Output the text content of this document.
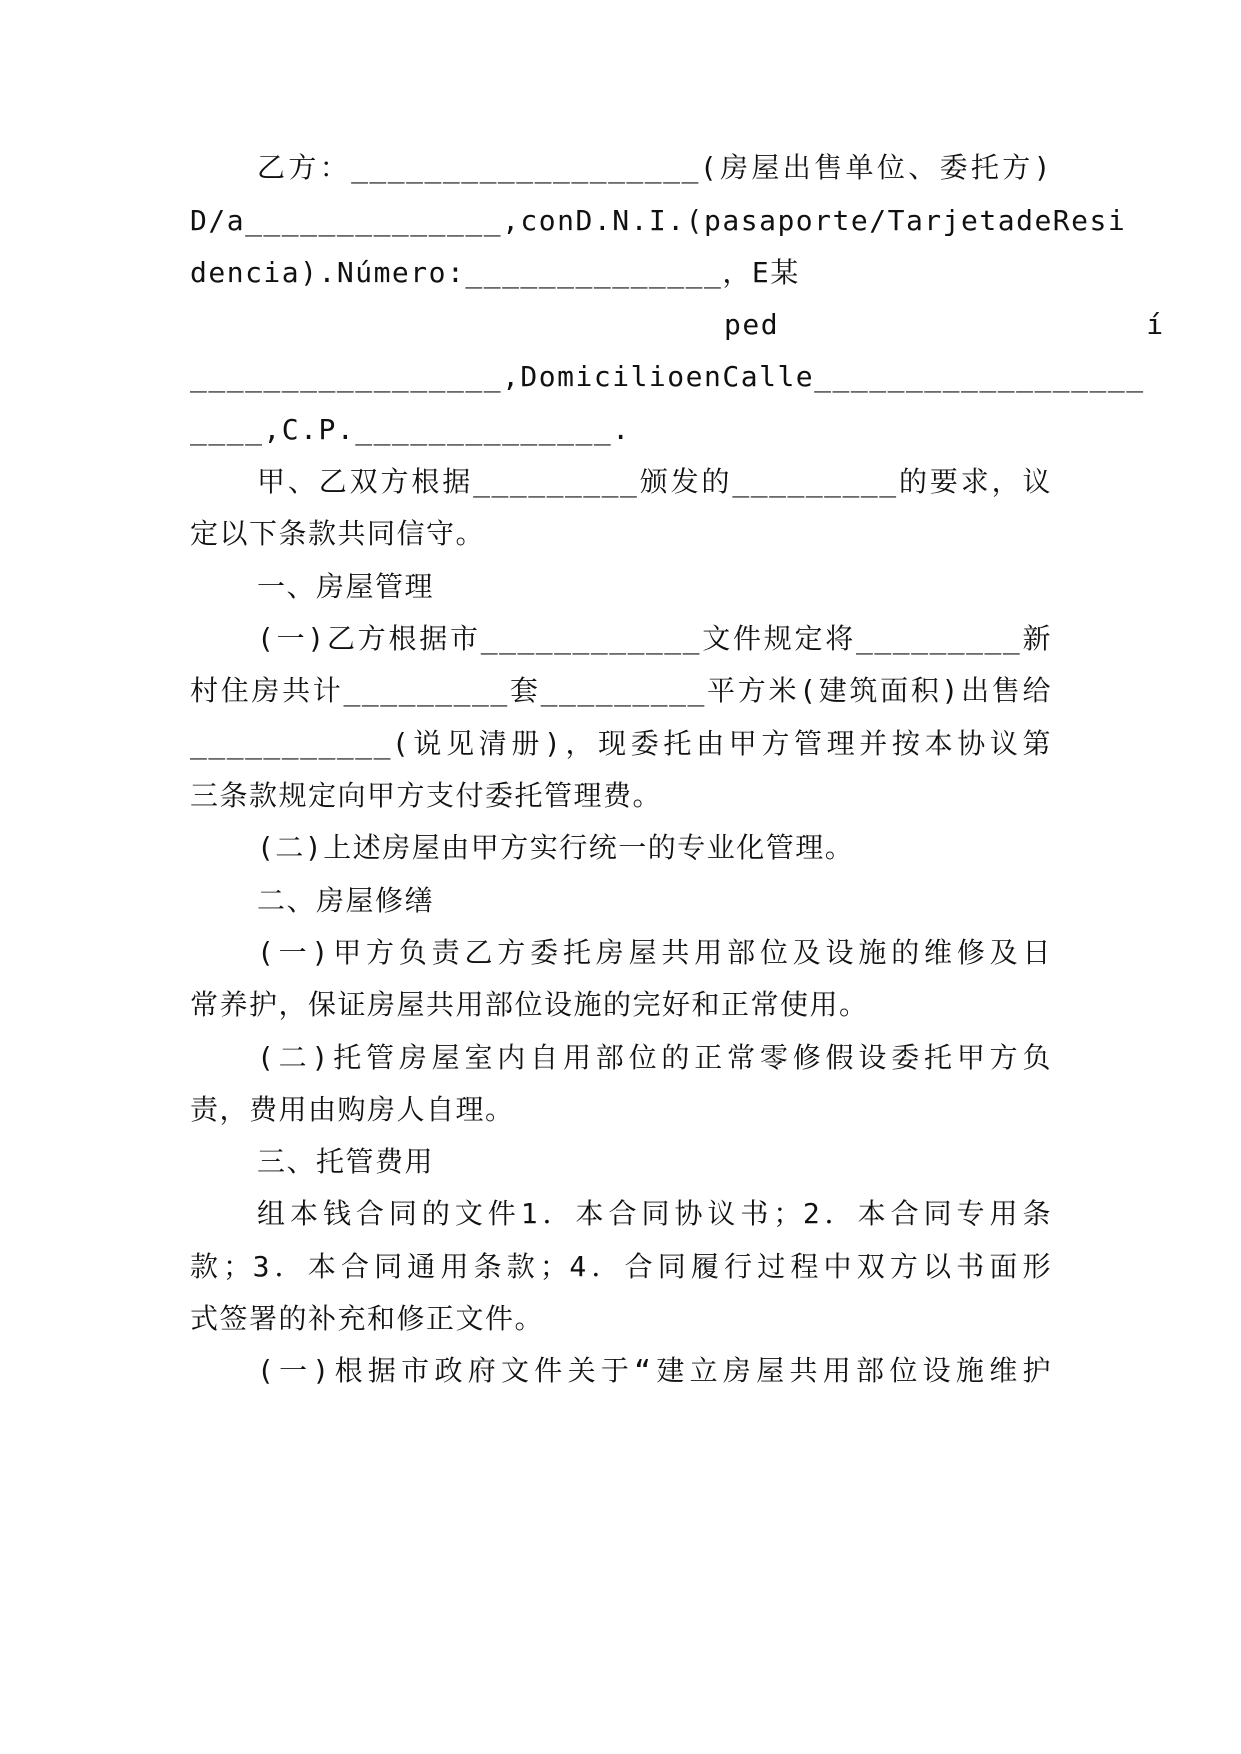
乙方：___________________(房屋出售单位、委托方)
D/a______________,conD.N.I.(pasaporte/TarjetadeResi
dencia).Número:______________，E某
ped                    í
_________________,DomicilioenCalle__________________
____,C.P.______________.
甲、乙双方根据_________颁发的_________的要求，议
定以下条款共同信守。
一、房屋管理
(一)乙方根据市____________文件规定将_________新
村住房共计_________套_________平方米(建筑面积)出售给
___________(说见清册)，现委托由甲方管理并按本协议第
三条款规定向甲方支付委托管理费。
(二)上述房屋由甲方实行统一的专业化管理。
二、房屋修缮
(一)甲方负责乙方委托房屋共用部位及设施的维修及日
常养护，保证房屋共用部位设施的完好和正常使用。
(二)托管房屋室内自用部位的正常零修假设委托甲方负
责，费用由购房人自理。
三、托管费用
组本钱合同的文件1．本合同协议书；2．本合同专用条
款；3．本合同通用条款；4．合同履行过程中双方以书面形
式签署的补充和修正文件。
(一)根据市政府文件关于“建立房屋共用部位设施维护
